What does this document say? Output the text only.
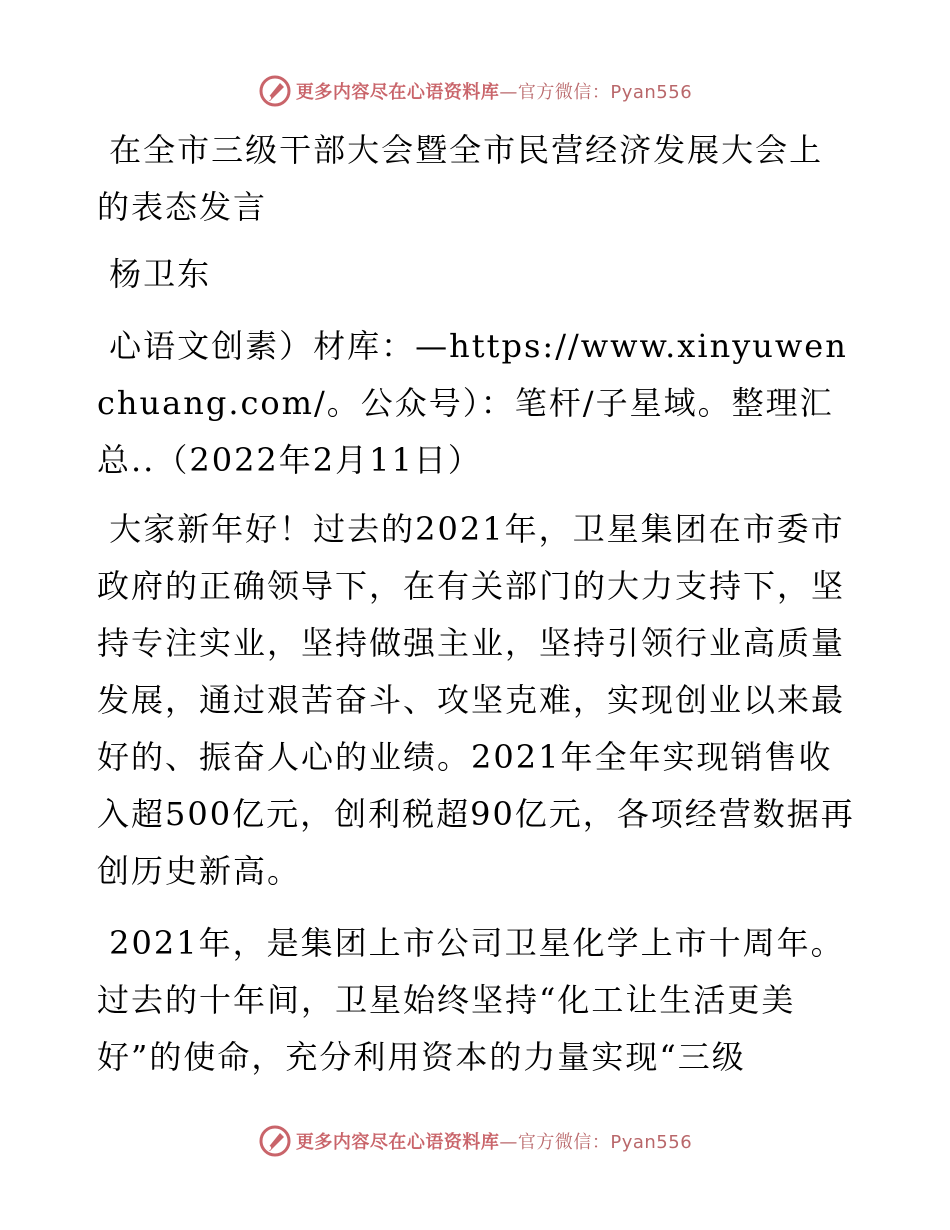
更多内容尽在心语资料库—官方微信：Pyan556

在全市三级干部大会暨全市民营经济发展大会上的表态发言

杨卫东

心语文创素）材库：—https://www.xinyuwenchuang.com/。公众号）：笔杆/子星域。整理汇总..（2022年2月11日）

大家新年好！过去的2021年，卫星集团在市委市政府的正确领导下，在有关部门的大力支持下，坚持专注实业，坚持做强主业，坚持引领行业高质量发展，通过艰苦奋斗、攻坚克难，实现创业以来最好的、振奋人心的业绩。2021年全年实现销售收入超500亿元，创利税超90亿元，各项经营数据再创历史新高。

2021年，是集团上市公司卫星化学上市十周年。过去的十年间，卫星始终坚持“化工让生活更美好”的使命，充分利用资本的力量实现“三级

更多内容尽在心语资料库—官方微信：Pyan556
